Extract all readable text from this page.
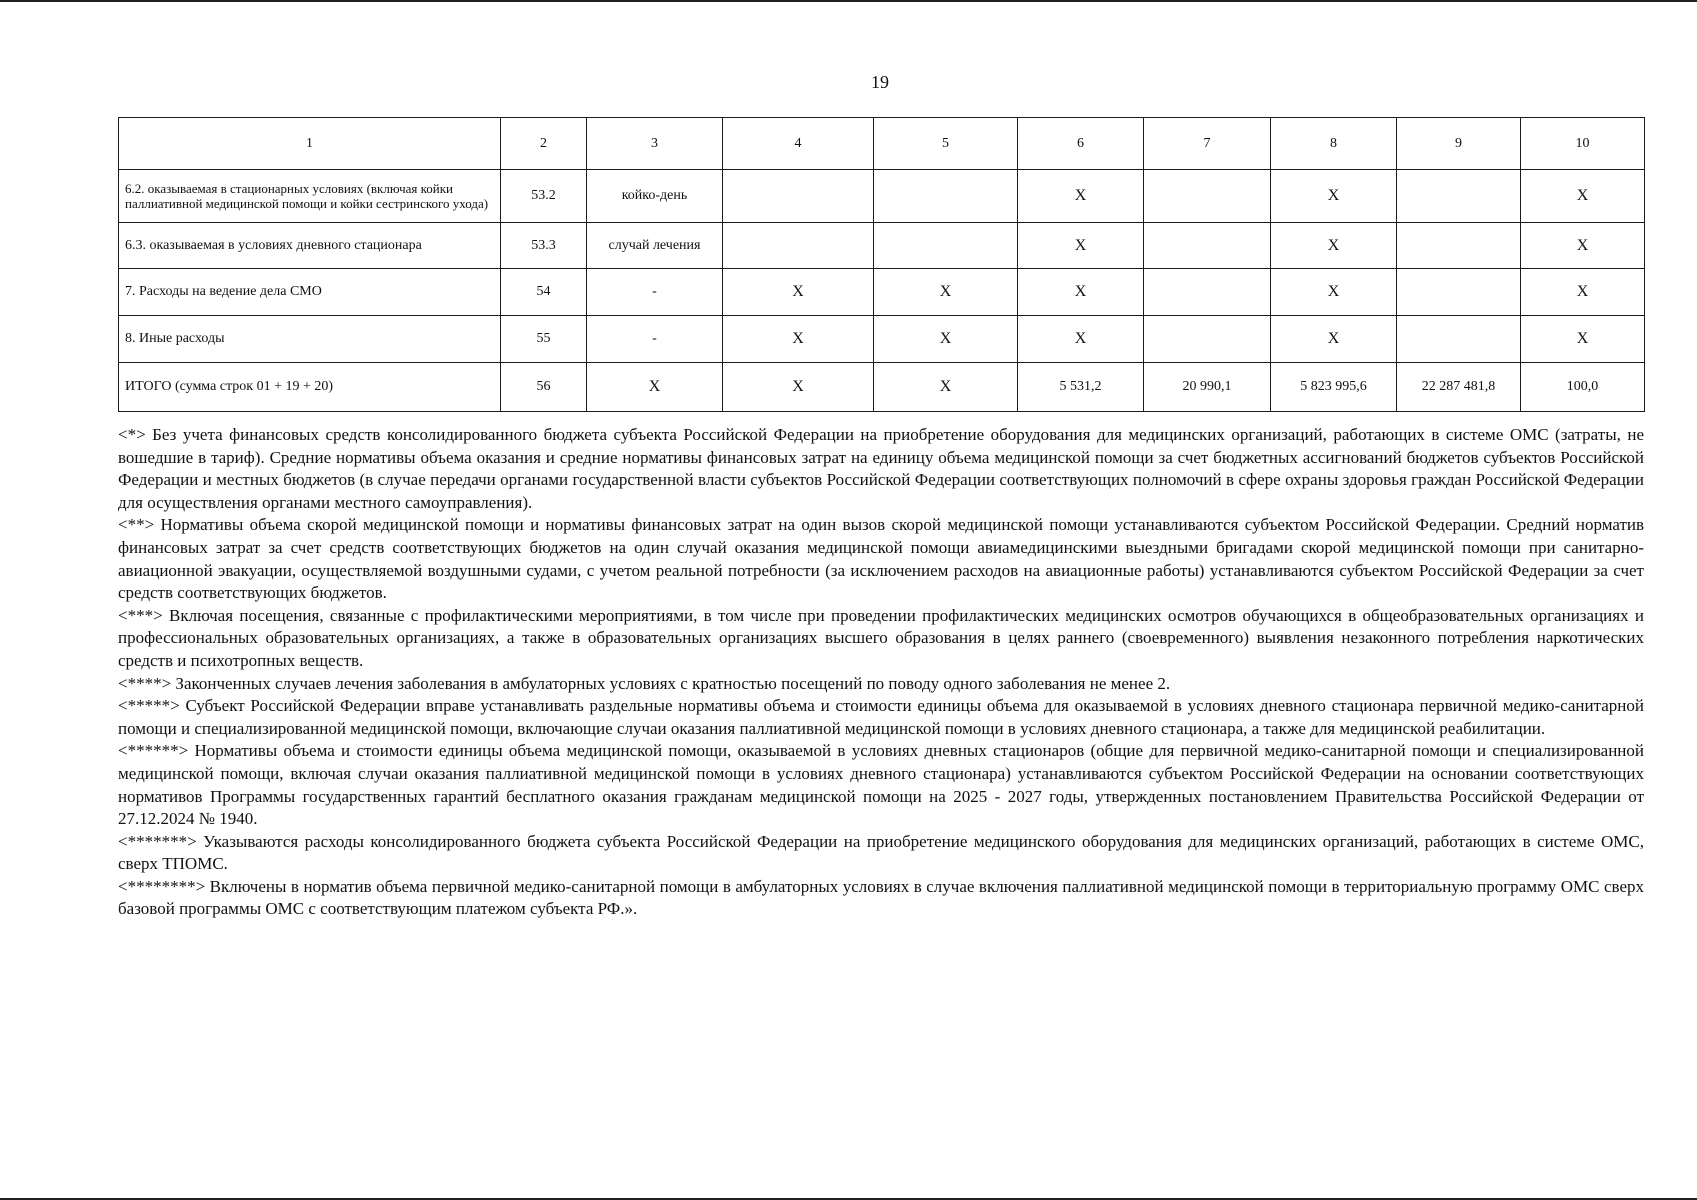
19
1	2	3	4	5	6	7	8	9	10
6.2. оказываемая в стационарных условиях (включая койки паллиативной медицинской помощи и койки сестринского ухода)	53.2	койко-день			X		X		X
6.3. оказываемая в условиях дневного стационара	53.3	случай лечения			X		X		X
7. Расходы на ведение дела СМО	54	-	X	X	X		X		X
8. Иные расходы	55	-	X	X	X		X		X
ИТОГО (сумма строк 01 + 19 + 20)	56	X	X	X	5 531,2	20 990,1	5 823 995,6	22 287 481,8	100,0

<*> Без учета финансовых средств консолидированного бюджета субъекта Российской Федерации на приобретение оборудования для медицинских организаций, работающих в системе ОМС (затраты, не вошедшие в тариф). Средние нормативы объема оказания и средние нормативы финансовых затрат на единицу объема медицинской помощи за счет бюджетных ассигнований бюджетов субъектов Российской Федерации и местных бюджетов (в случае передачи органами государственной власти субъектов Российской Федерации соответствующих полномочий в сфере охраны здоровья граждан Российской Федерации для осуществления органами местного самоуправления).

<**> Нормативы объема скорой медицинской помощи и нормативы финансовых затрат на один вызов скорой медицинской помощи устанавливаются субъектом Российской Федерации. Средний норматив финансовых затрат за счет средств соответствующих бюджетов на один случай оказания медицинской помощи авиамедицинскими выездными бригадами скорой медицинской помощи при санитарно-авиационной эвакуации, осуществляемой воздушными судами, с учетом реальной потребности (за исключением расходов на авиационные работы) устанавливаются субъектом Российской Федерации за счет средств соответствующих бюджетов.

<***> Включая посещения, связанные с профилактическими мероприятиями, в том числе при проведении профилактических медицинских осмотров обучающихся в общеобразовательных организациях и профессиональных образовательных организациях, а также в образовательных организациях высшего образования в целях раннего (своевременного) выявления незаконного потребления наркотических средств и психотропных веществ.

<****> Законченных случаев лечения заболевания в амбулаторных условиях с кратностью посещений по поводу одного заболевания не менее 2.

<*****> Субъект Российской Федерации вправе устанавливать раздельные нормативы объема и стоимости единицы объема для оказываемой в условиях дневного стационара первичной медико-санитарной помощи и специализированной медицинской помощи, включающие случаи оказания паллиативной медицинской помощи в условиях дневного стационара, а также для медицинской реабилитации.

<******> Нормативы объема и стоимости единицы объема медицинской помощи, оказываемой в условиях дневных стационаров (общие для первичной медико-санитарной помощи и специализированной медицинской помощи, включая случаи оказания паллиативной медицинской помощи в условиях дневного стационара) устанавливаются субъектом Российской Федерации на основании соответствующих нормативов Программы государственных гарантий бесплатного оказания гражданам медицинской помощи на 2025 - 2027 годы, утвержденных постановлением Правительства Российской Федерации от 27.12.2024 № 1940.

<*******> Указываются расходы консолидированного бюджета субъекта Российской Федерации на приобретение медицинского оборудования для медицинских организаций, работающих в системе ОМС, сверх ТПОМС.

<********> Включены в норматив объема первичной медико-санитарной помощи в амбулаторных условиях в случае включения паллиативной медицинской помощи в территориальную программу ОМС сверх базовой программы ОМС с соответствующим платежом субъекта РФ.».
